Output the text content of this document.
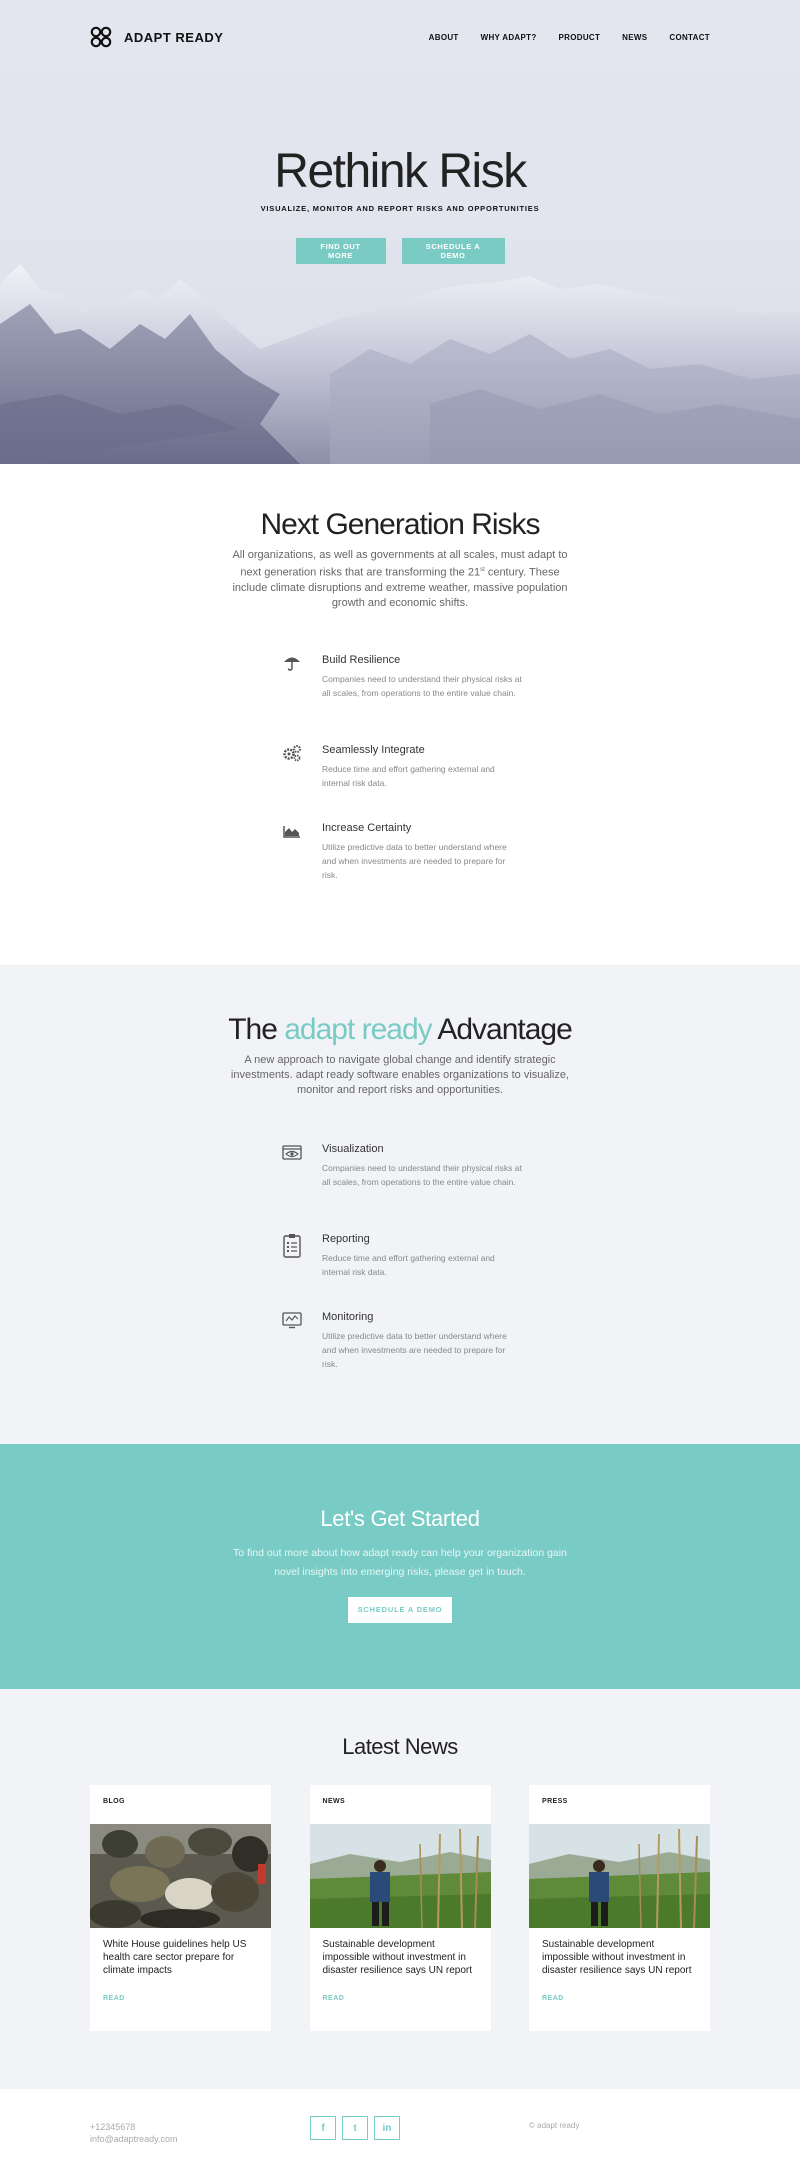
ADAPT READY	ABOUT	WHY ADAPT?	PRODUCT	NEWS	CONTACT
Rethink Risk
VISUALIZE, MONITOR AND REPORT RISKS AND OPPORTUNITIES
FIND OUT MORE
SCHEDULE A DEMO
Next Generation Risks

All organizations, as well as governments at all scales, must adapt to next generation risks that are transforming the 21st century. These include climate disruptions and extreme weather, massive population growth and economic shifts.

Build Resilience

Companies need to understand their physical risks at all scales, from operations to the entire value chain.

Seamlessly Integrate

Reduce time and effort gathering external and internal risk data.

Increase Certainty

Utilize predictive data to better understand where and when investments are needed to prepare for risk.

The adapt ready Advantage

A new approach to navigate global change and identify strategic investments. adapt ready software enables organizations to visualize, monitor and report risks and opportunities.

Visualization

Companies need to understand their physical risks at all scales, from operations to the entire value chain.

Reporting

Reduce time and effort gathering external and internal risk data.

Monitoring

Utilize predictive data to better understand where and when investments are needed to prepare for risk.

Let's Get Started

To find out more about how adapt ready can help your organization gain novel insights into emerging risks, please get in touch.

SCHEDULE A DEMO
Latest News
BLOG

White House guidelines help US health care sector prepare for climate impacts

READ
NEWS

Sustainable development impossible without investment in disaster resilience says UN report

READ
PRESS

Sustainable development impossible without investment in disaster resilience says UN report

READ
+12345678
info@adaptready.com
f	t	in	© adapt ready
